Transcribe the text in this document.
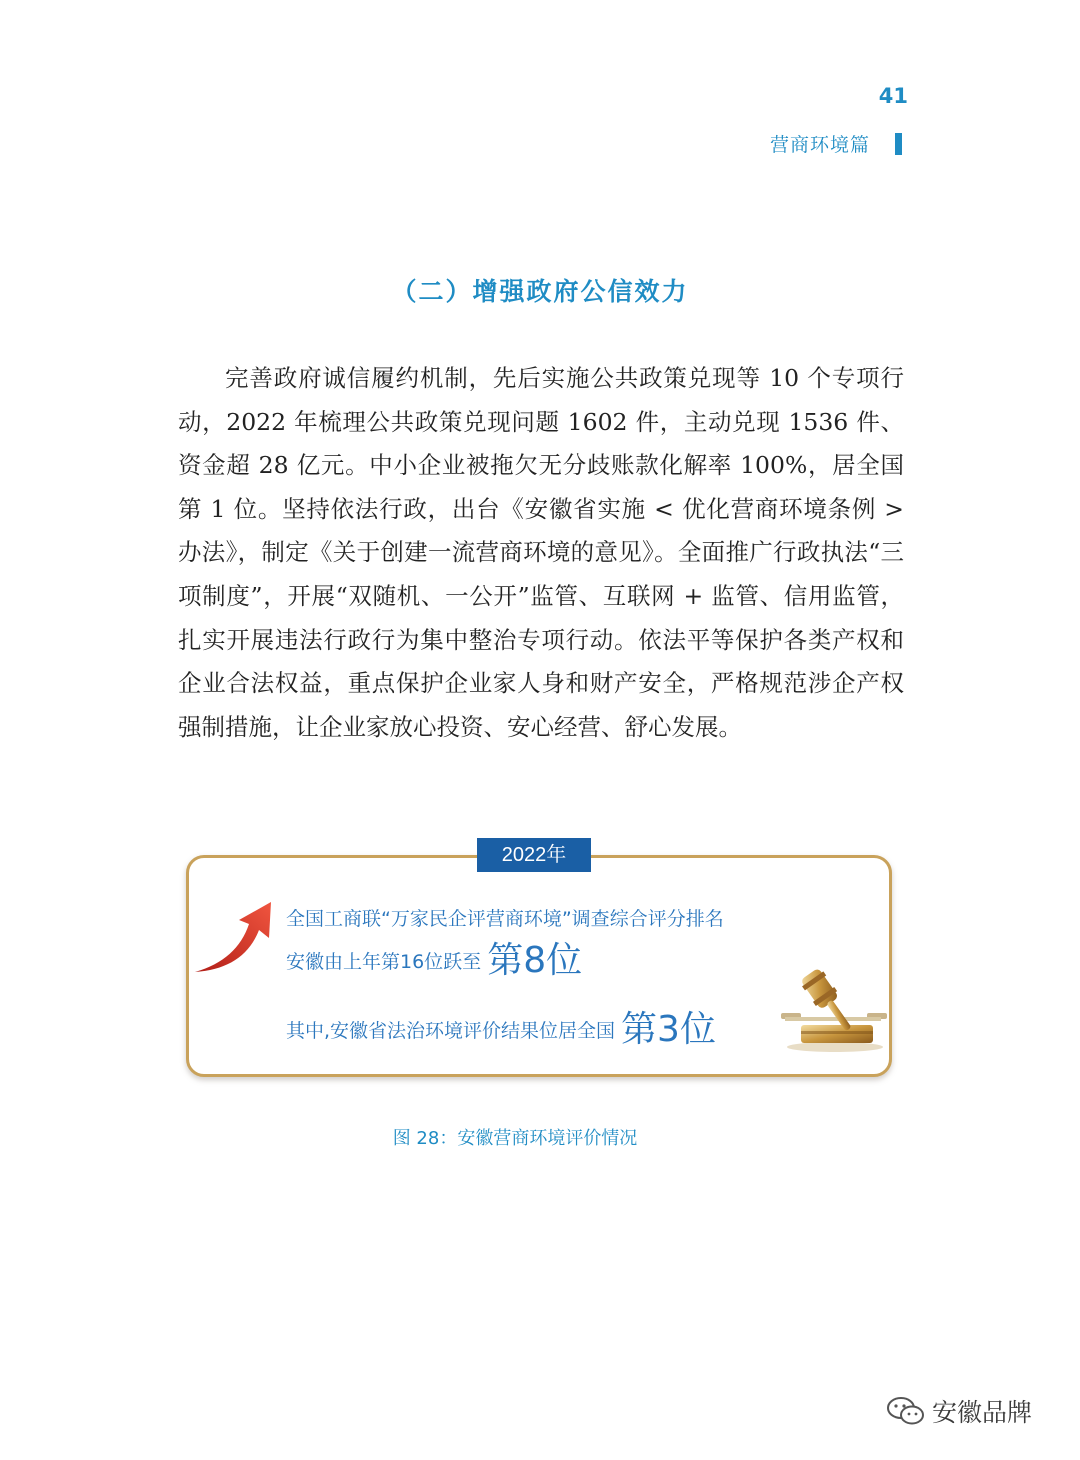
41
营商环境篇
（二）增强政府公信效力
完善政府诚信履约机制，先后实施公共政策兑现等 10 个专项行动，2022 年梳理公共政策兑现问题 1602 件，主动兑现 1536 件、资金超 28 亿元。中小企业被拖欠无分歧账款化解率 100%，居全国第 1 位。坚持依法行政，出台《安徽省实施 < 优化营商环境条例 > 办法》，制定《关于创建一流营商环境的意见》。全面推广行政执法“三项制度”，开展“双随机、一公开”监管、互联网 + 监管、信用监管，扎实开展违法行政行为集中整治专项行动。依法平等保护各类产权和企业合法权益，重点保护企业家人身和财产安全，严格规范涉企产权强制措施，让企业家放心投资、安心经营、舒心发展。
2022年
全国工商联“万家民企评营商环境”调查综合评分排名
安徽由上年第16位跃至 第8位
其中,安徽省法治环境评价结果位居全国 第3位
图 28：安徽营商环境评价情况
安徽品牌
